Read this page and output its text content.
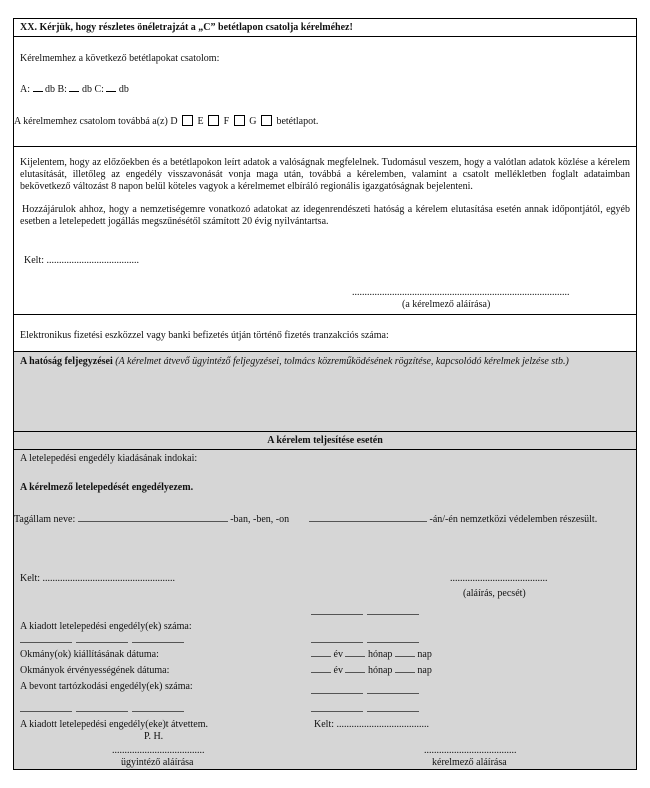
XX. Kérjük, hogy részletes önéletrajzát a „C” betétlapon csatolja kérelméhez!
Kérelmemhez a következő betétlapokat csatolom:
A: db B: db C: db
A kérelmemhez csatolom továbbá a(z) D E F G betétlapot.
Kijelentem, hogy az előzőekben és a betétlapokon leírt adatok a valóságnak megfelelnek. Tudomásul veszem, hogy a valótlan adatok közlése a kérelem elutasítását, illetőleg az engedély visszavonását vonja maga után, továbbá a kérelemben, valamint a csatolt mellékletben foglalt adataimban bekövetkező változást 8 napon belül köteles vagyok a kérelmemet elbíráló regionális igazgatóságnak bejelenteni.
Hozzájárulok ahhoz, hogy a nemzetiségemre vonatkozó adatokat az idegenrendészeti hatóság a kérelem elutasítása esetén annak időpontjától, egyéb esetben a letelepedett jogállás megszűnésétől számított 20 évig nyilvántartsa.
Kelt: .....................................
.......................................................................................
(a kérelmező aláírása)
Elektronikus fizetési eszközzel vagy banki befizetés útján történő fizetés tranzakciós száma:
A hatóság feljegyzései (A kérelmet átvevő ügyintéző feljegyzései, tolmács közreműködésének rögzítése, kapcsolódó kérelmek jelzése stb.)
A kérelem teljesítése esetén
A letelepedési engedély kiadásának indokai:
A kérelmező letelepedését engedélyezem.
Tagállam neve:	-ban, -ben, -on	-án/-én nemzetközi védelemben részesült.
Kelt: .....................................................	.......................................
(aláírás, pecsét)
A kiadott letelepedési engedély(ek) száma:
Okmány(ok) kiállításának dátuma:	év	hónap	nap
Okmányok érvényességének dátuma:	év	hónap	nap
A bevont tartózkodási engedély(ek) száma:
A kiadott letelepedési engedély(eke)t átvettem.
P. H.
Kelt: .....................................
.....................................
ügyintéző aláírása
.....................................
kérelmező aláírása
